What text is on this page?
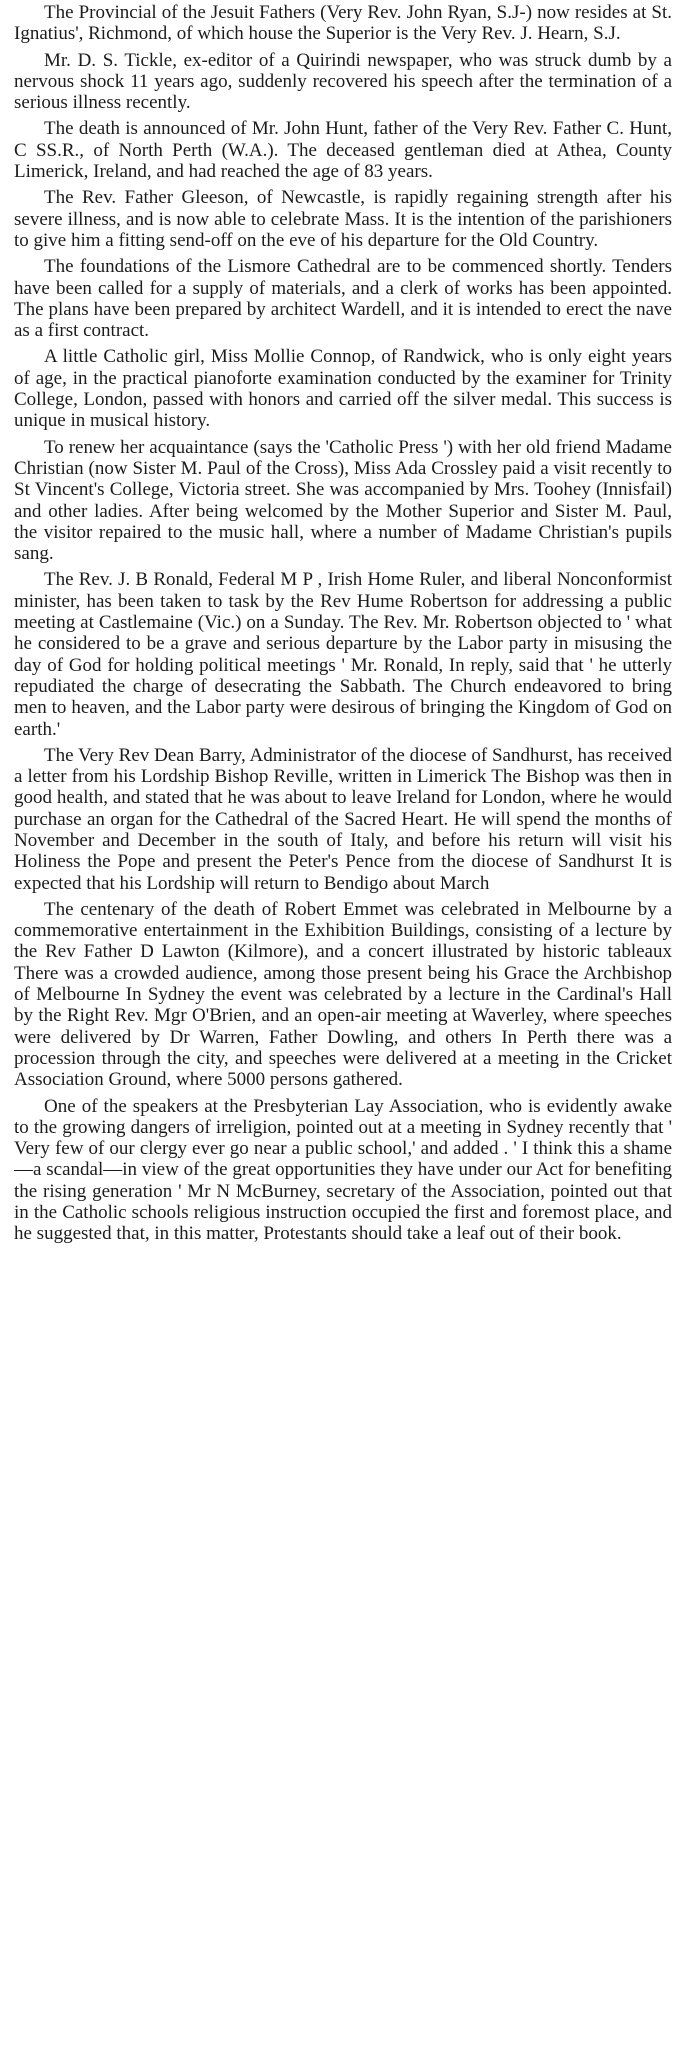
The Provincial of the Jesuit Fathers (Very Rev. John Ryan, S.J-) now resides at St. Ignatius', Richmond, of which house the Superior is the Very Rev. J. Hearn, S.J.

Mr. D. S. Tickle, ex-editor of a Quirindi newspaper, who was struck dumb by a nervous shock 11 years ago, suddenly recovered his speech after the termination of a serious illness recently.

The death is announced of Mr. John Hunt, father of the Very Rev. Father C. Hunt, C SS.R., of North Perth (W.A.). The deceased gentleman died at Athea, County Limerick, Ireland, and had reached the age of 83 years.

The Rev. Father Gleeson, of Newcastle, is rapidly regaining strength after his severe illness, and is now able to celebrate Mass. It is the intention of the parishioners to give him a fitting send-off on the eve of his departure for the Old Country.

The foundations of the Lismore Cathedral are to be commenced shortly. Tenders have been called for a supply of materials, and a clerk of works has been appointed. The plans have been prepared by architect Wardell, and it is intended to erect the nave as a first contract.

A little Catholic girl, Miss Mollie Connop, of Randwick, who is only eight years of age, in the practical pianoforte examination conducted by the examiner for Trinity College, London, passed with honors and carried off the silver medal. This success is unique in musical history.

To renew her acquaintance (says the 'Catholic Press ') with her old friend Madame Christian (now Sister M. Paul of the Cross), Miss Ada Crossley paid a visit recently to St Vincent's College, Victoria street. She was accompanied by Mrs. Toohey (Innisfail) and other ladies. After being welcomed by the Mother Superior and Sister M. Paul, the visitor repaired to the music hall, where a number of Madame Christian's pupils sang.

The Rev. J. B Ronald, Federal M P , Irish Home Ruler, and liberal Nonconformist minister, has been taken to task by the Rev Hume Robertson for addressing a public meeting at Castlemaine (Vic.) on a Sunday. The Rev. Mr. Robertson objected to ' what he considered to be a grave and serious departure by the Labor party in misusing the day of God for holding political meetings ' Mr. Ronald, In reply, said that ' he utterly repudiated the charge of desecrating the Sabbath. The Church endeavored to bring men to heaven, and the Labor party were desirous of bringing the Kingdom of God on earth.'

The Very Rev Dean Barry, Administrator of the diocese of Sandhurst, has received a letter from his Lordship Bishop Reville, written in Limerick The Bishop was then in good health, and stated that he was about to leave Ireland for London, where he would purchase an organ for the Cathedral of the Sacred Heart. He will spend the months of November and December in the south of Italy, and before his return will visit his Holiness the Pope and present the Peter's Pence from the diocese of Sandhurst It is expected that his Lordship will return to Bendigo about March

The centenary of the death of Robert Emmet was celebrated in Melbourne by a commemorative entertainment in the Exhibition Buildings, consisting of a lecture by the Rev Father D Lawton (Kilmore), and a concert illustrated by historic tableaux There was a crowded audience, among those present being his Grace the Archbishop of Melbourne In Sydney the event was celebrated by a lecture in the Cardinal's Hall by the Right Rev. Mgr O'Brien, and an open-air meeting at Waverley, where speeches were delivered by Dr Warren, Father Dowling, and others In Perth there was a procession through the city, and speeches were delivered at a meeting in the Cricket Association Ground, where 5000 persons gathered.

One of the speakers at the Presbyterian Lay Association, who is evidently awake to the growing dangers of irreligion, pointed out at a meeting in Sydney recently that ' Very few of our clergy ever go near a public school,' and added . ' I think this a shame—a scandal—in view of the great opportunities they have under our Act for benefiting the rising generation ' Mr N McBurney, secretary of the Association, pointed out that in the Catholic schools religious instruction occupied the first and foremost place, and he suggested that, in this matter, Protestants should take a leaf out of their book.
